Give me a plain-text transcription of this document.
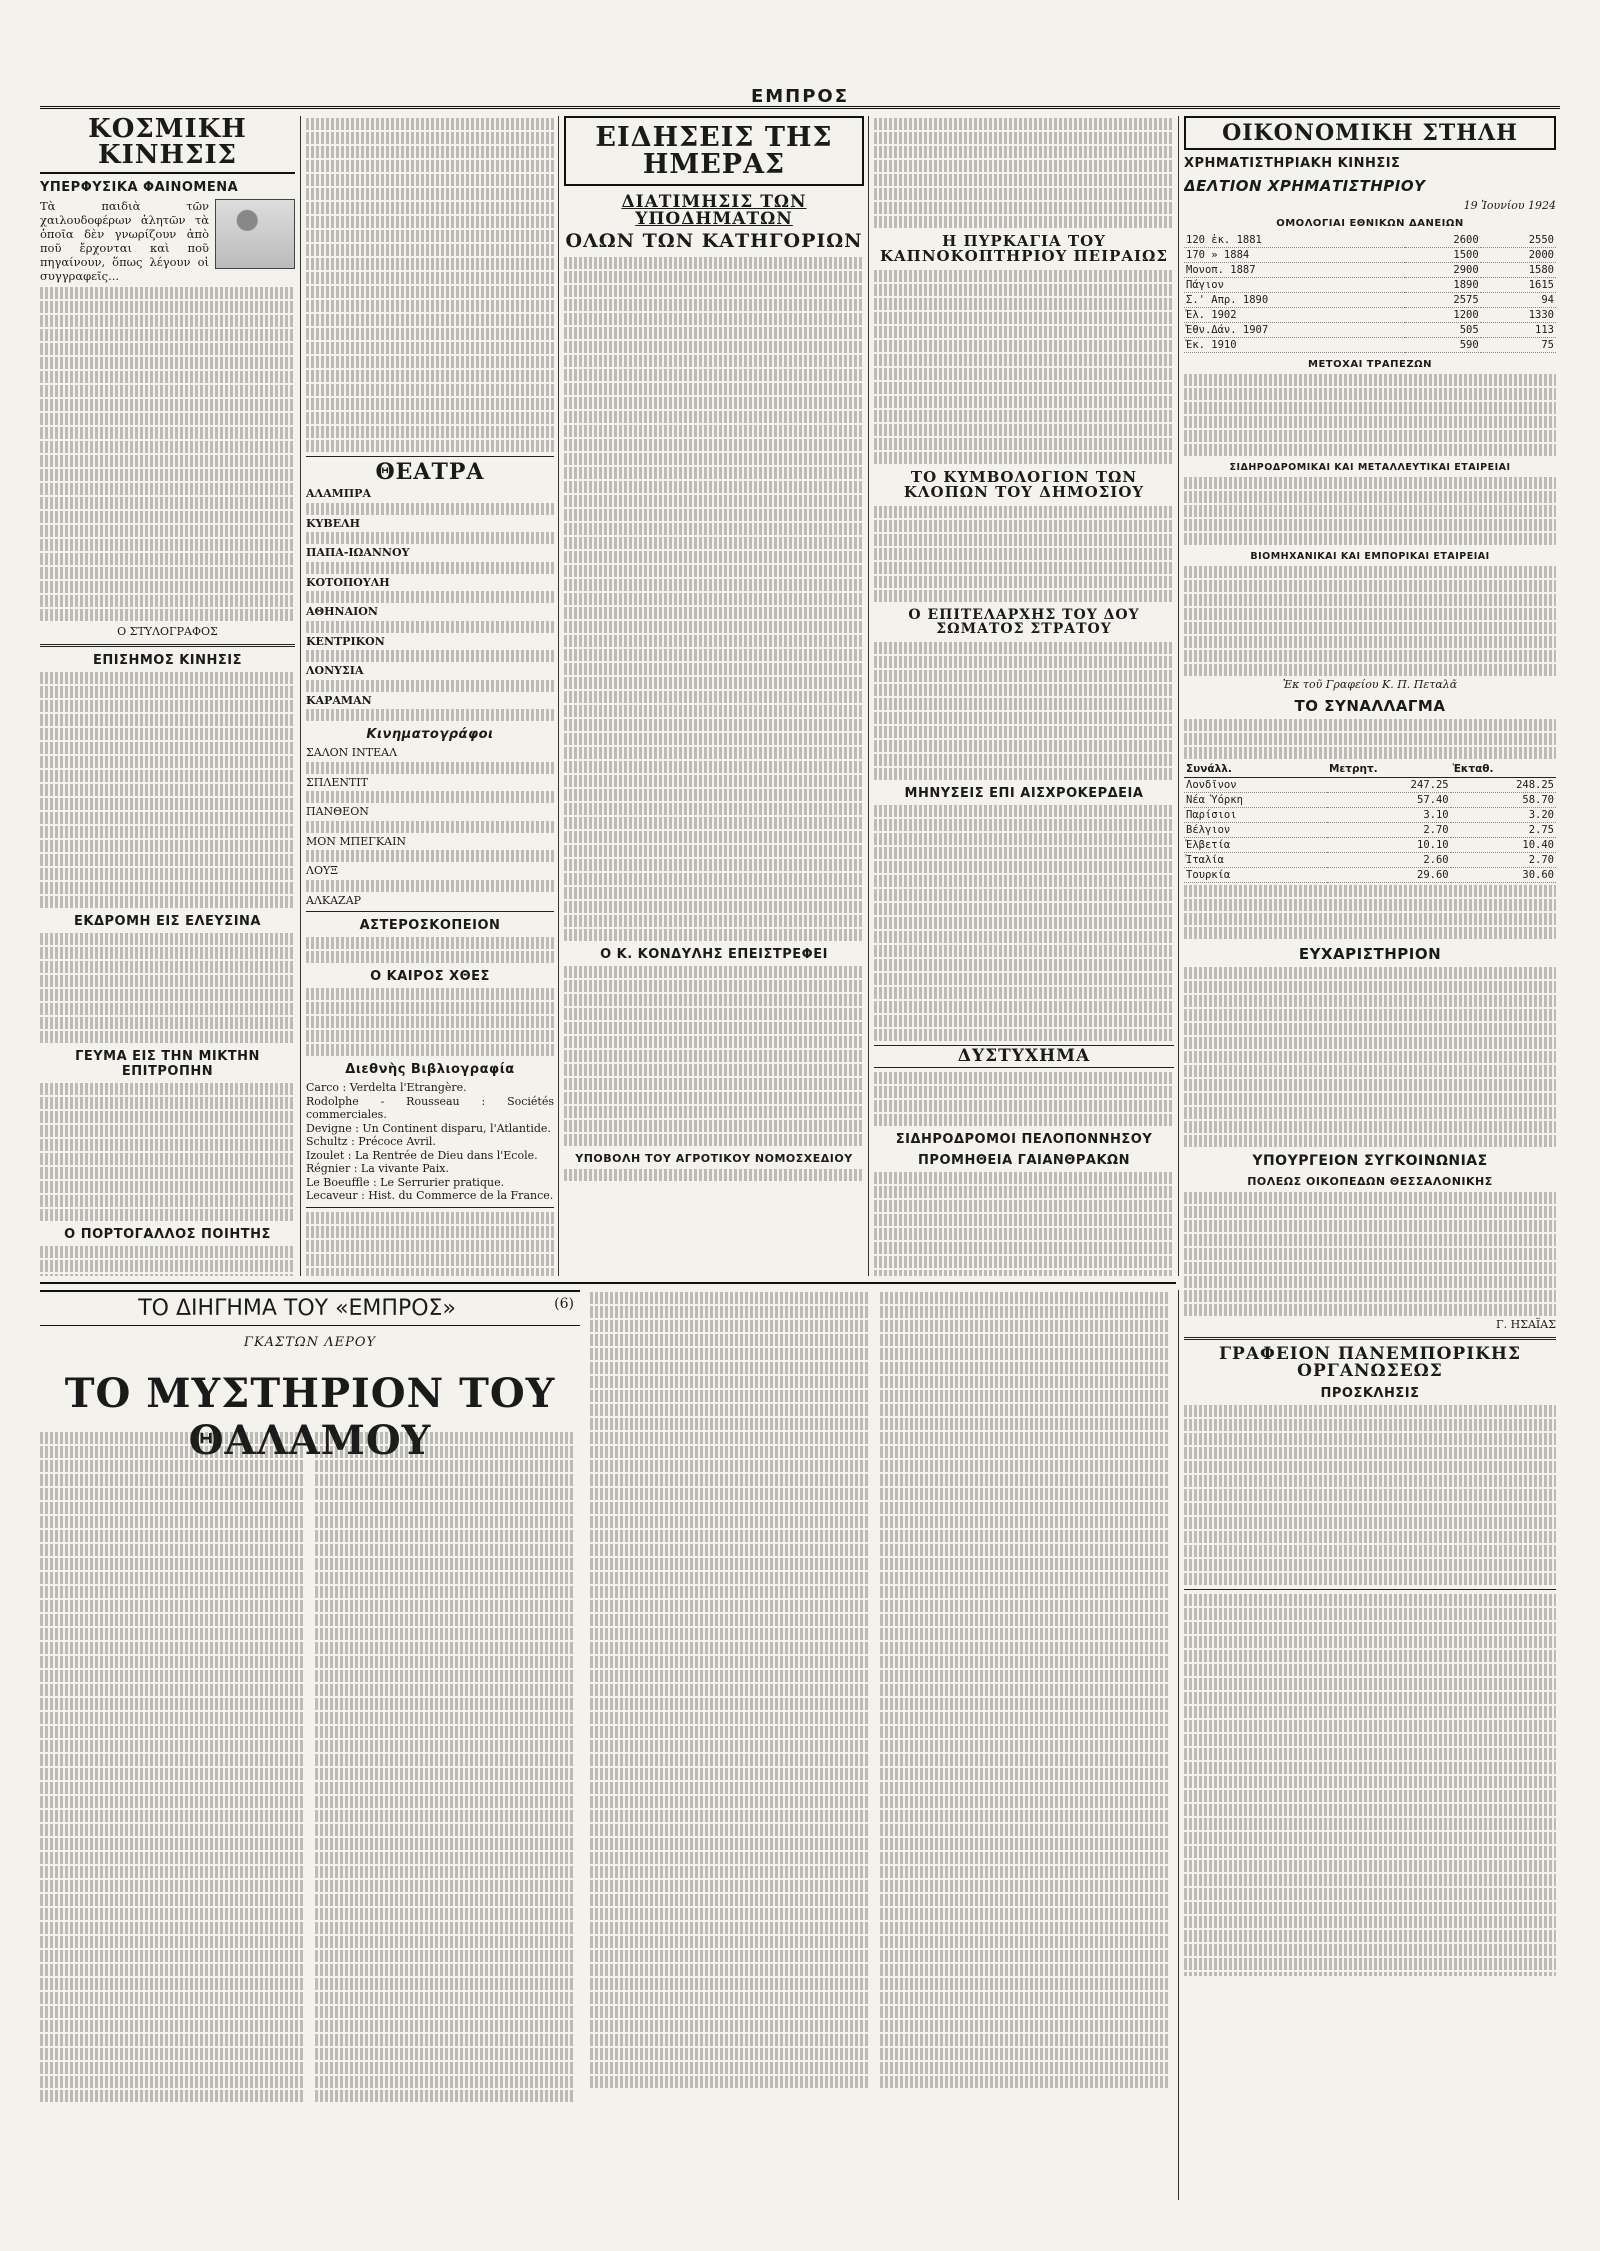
ΕΜΠΡΟΣ
ΚΟΣΜΙΚΗ ΚΙΝΗΣΙΣ
ΥΠΕΡΦΥΣΙΚΑ ΦΑΙΝΟΜΕΝΑ

Τὰ παιδιὰ τῶν χαιλουδοφέρων ἀλητῶν τὰ ὁποῖα δὲν γνωρίζουν ἀπὸ ποῦ ἔρχονται καὶ ποῦ πηγαίνουν, ὅπως λέγουν οἱ συγγραφεῖς...

Ο ΣΤΥΛΟΓΡΑΦΟΣ
ΕΠΙΣΗΜΟΣ ΚΙΝΗΣΙΣ
ΕΚΔΡΟΜΗ ΕΙΣ ΕΛΕΥΣΙΝΑ
ΓΕΥΜΑ ΕΙΣ ΤΗΝ ΜΙΚΤΗΝ ΕΠΙΤΡΟΠΗΝ
Ο ΠΟΡΤΟΓΑΛΛΟΣ ΠΟΙΗΤΗΣ
ΘΕΑΤΡΑ
ΑΛΑΜΠΡΑ
ΚΥΒΕΛΗ
ΠΑΠΑ-ΙΩΑΝΝΟΥ
ΚΟΤΟΠΟΥΛΗ
ΑΘΗΝΑΙΟΝ
ΚΕΝΤΡΙΚΟΝ
ΛΟΝΥΣΙΑ
ΚΑΡΑΜΑΝ
Κινηματογράφοι
ΣΑΛΟΝ ΙΝΤΕΑΛ
ΣΠΛΕΝΤΙΤ
ΠΑΝΘΕΟΝ
ΜΟΝ ΜΠΕΓΚΑΙΝ
ΛΟΥΞ
ΑΛΚΑΖΑΡ
ΑΣΤΕΡΟΣΚΟΠΕΙΟΝ
Ο ΚΑΙΡΟΣ ΧΘΕΣ
Διεθνὴς Βιβλιογραφία
Carco : Verdelta l'Etrangère.
Rodolphe - Rousseau : Sociétés commerciales.
Devigne : Un Continent disparu, l'Atlantide.
Schultz : Précoce Avril.
Izoulet : La Rentrée de Dieu dans l'Ecole.
Régnier : La vivante Paix.
Le Boeuffle : Le Serrurier pratique.
Lecaveur : Hist. du Commerce de la France.
ΕΙΔΗΣΕΙΣ ΤΗΣ ΗΜΕΡΑΣ
ΔΙΑΤΙΜΗΣΙΣ ΤΩΝ ΥΠΟΔΗΜΑΤΩΝ
ΟΛΩΝ ΤΩΝ ΚΑΤΗΓΟΡΙΩΝ
Ο Κ. ΚΟΝΔΥΛΗΣ ΕΠΕΙΣΤΡΕΦΕΙ
ΥΠΟΒΟΛΗ ΤΟΥ ΑΓΡΟΤΙΚΟΥ ΝΟΜΟΣΧΕΔΙΟΥ
Η ΠΥΡΚΑΓΙΑ ΤΟΥ ΚΑΠΝΟΚΟΠΤΗΡΙΟΥ ΠΕΙΡΑΙΩΣ
ΤΟ ΚΥΜΒΟΛΟΓΙΟΝ ΤΩΝ ΚΛΟΠΩΝ ΤΟΥ ΔΗΜΟΣΙΟΥ
Ο ΕΠΙΤΕΛΑΡΧΗΣ ΤΟΥ ΔΟΥ ΣΩΜΑΤΟΣ ΣΤΡΑΤΟΥ
ΜΗΝΥΣΕΙΣ ΕΠΙ ΑΙΣΧΡΟΚΕΡΔΕΙΑ
ΔΥΣΤΥΧΗΜΑ
ΣΙΔΗΡΟΔΡΟΜΟΙ ΠΕΛΟΠΟΝΝΗΣΟΥ
ΠΡΟΜΗΘΕΙΑ ΓΑΙΑΝΘΡΑΚΩΝ
ΟΙΚΟΝΟΜΙΚΗ ΣΤΗΛΗ
ΧΡΗΜΑΤΙΣΤΗΡΙΑΚΗ ΚΙΝΗΣΙΣ
ΔΕΛΤΙΟΝ ΧΡΗΜΑΤΙΣΤΗΡΙΟΥ
19 Ἰουνίου 1924
ΟΜΟΛΟΓΙΑΙ ΕΘΝΙΚΩΝ ΔΑΝΕΙΩΝ
120 ἑκ. 1881	2600	2550
170 » 1884	1500	2000
Μονοπ. 1887	2900	1580
Πάγιον	1890	1615
Σ.' Απρ. 1890	2575	94
Ἐλ. 1902	1200	1330
Ἐθν.Δάν. 1907	505	113
Ἑκ. 1910	590	75
ΜΕΤΟΧΑΙ ΤΡΑΠΕΖΩΝ
ΣΙΔΗΡΟΔΡΟΜΙΚΑΙ ΚΑΙ ΜΕΤΑΛΛΕΥΤΙΚΑΙ ΕΤΑΙΡΕΙΑΙ
ΒΙΟΜΗΧΑΝΙΚΑΙ ΚΑΙ ΕΜΠΟΡΙΚΑΙ ΕΤΑΙΡΕΙΑΙ
Ἐκ τοῦ Γραφείου Κ. Π. Πεταλᾶ
ΤΟ ΣΥΝΑΛΛΑΓΜΑ
Συνάλλ.	Μετρητ.	Ἐκταθ.
Λονδῖνον	247.25	248.25
Νέα Ὑόρκη	57.40	58.70
Παρίσιοι	3.10	3.20
Βέλγιον	2.70	2.75
Ἑλβετία	10.10	10.40
Ἰταλία	2.60	2.70
Τουρκία	29.60	30.60
ΕΥΧΑΡΙΣΤΗΡΙΟΝ
ΥΠΟΥΡΓΕΙΟΝ ΣΥΓΚΟΙΝΩΝΙΑΣ
ΠΟΛΕΩΣ ΟΙΚΟΠΕΔΩΝ ΘΕΣΣΑΛΟΝΙΚΗΣ
Γ. ΗΣΑΪΑΣ
ΓΡΑΦΕΙΟΝ ΠΑΝΕΜΠΟΡΙΚΗΣ ΟΡΓΑΝΩΣΕΩΣ
ΠΡΟΣΚΛΗΣΙΣ
ΤΟ ΔΙΗΓΗΜΑ ΤΟΥ «ΕΜΠΡΟΣ»	(6)
ΓΚΑΣΤΩΝ ΛΕΡΟΥ
ΤΟ ΜΥΣΤΗΡΙΟΝ ΤΟΥ ΘΑΛΑΜΟΥ
